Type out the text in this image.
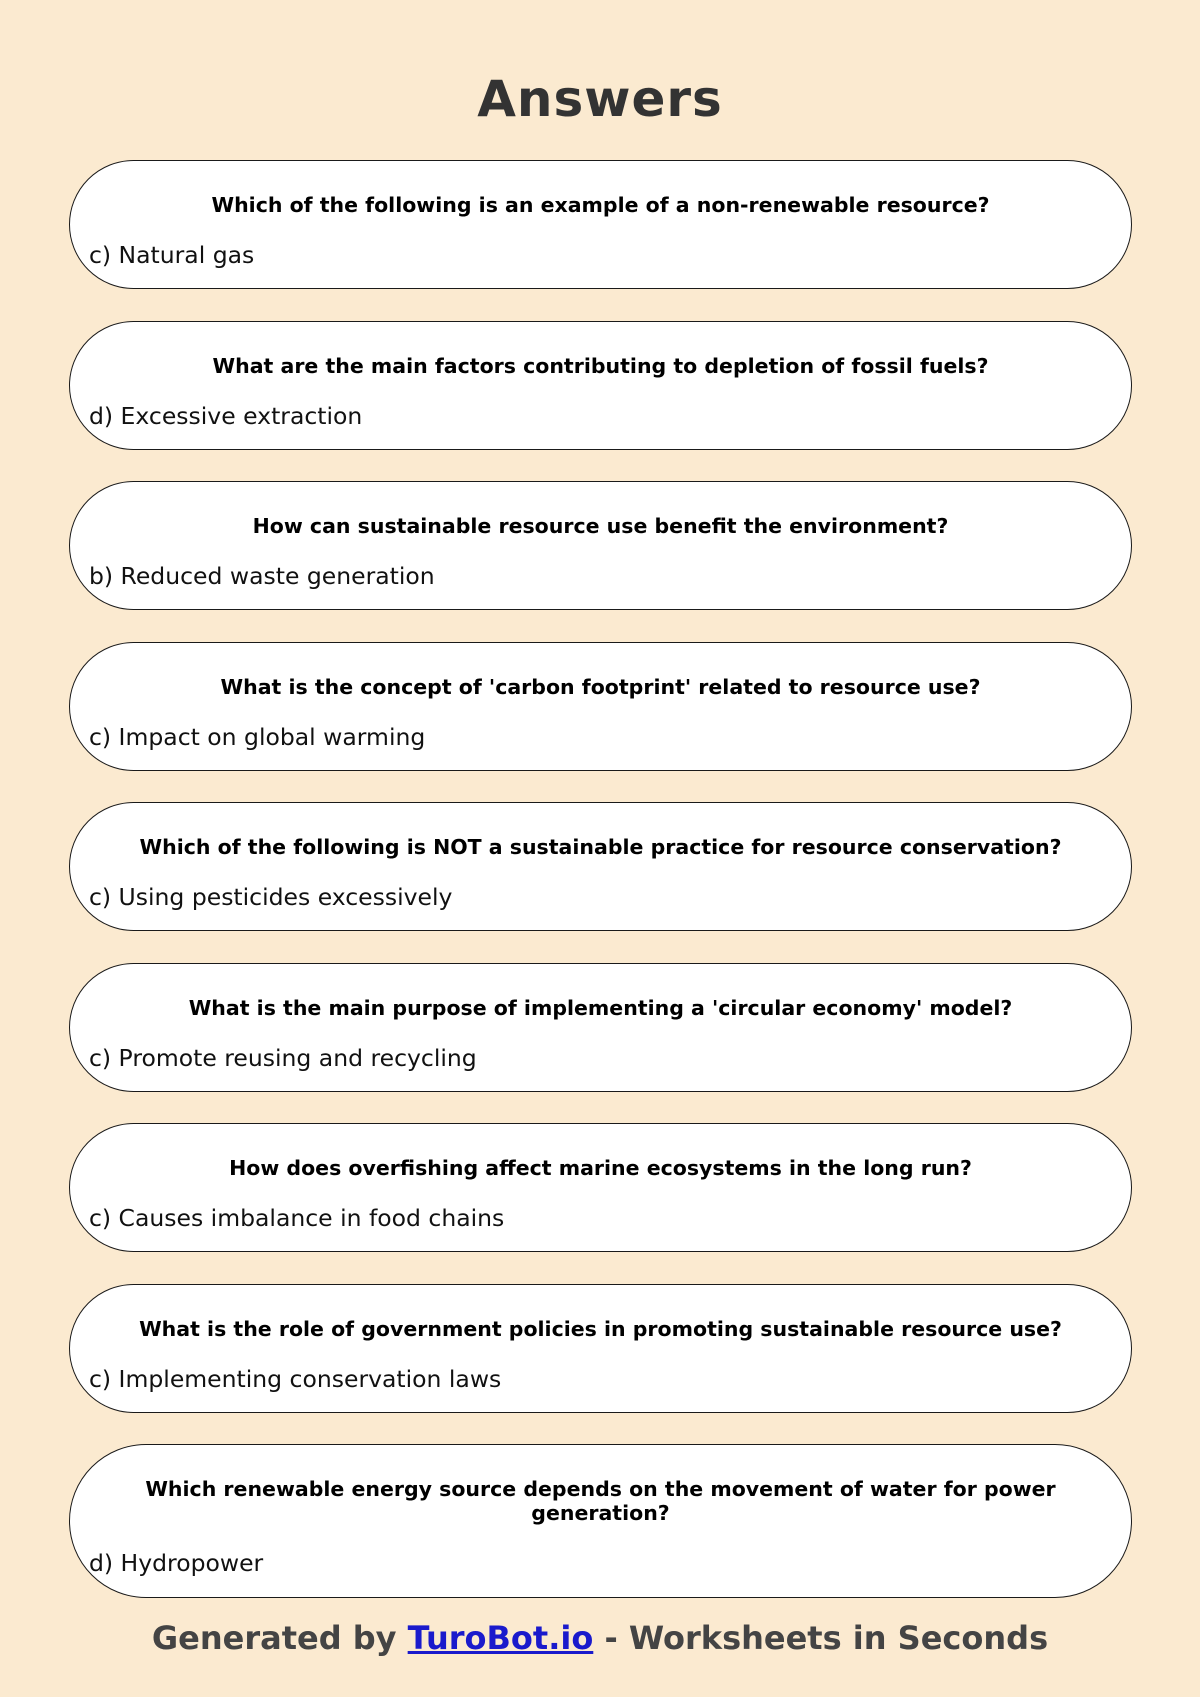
Answers
Which of the following is an example of a non-renewable resource?
c) Natural gas
What are the main factors contributing to depletion of fossil fuels?
d) Excessive extraction
How can sustainable resource use benefit the environment?
b) Reduced waste generation
What is the concept of 'carbon footprint' related to resource use?
c) Impact on global warming
Which of the following is NOT a sustainable practice for resource conservation?
c) Using pesticides excessively
What is the main purpose of implementing a 'circular economy' model?
c) Promote reusing and recycling
How does overfishing affect marine ecosystems in the long run?
c) Causes imbalance in food chains
What is the role of government policies in promoting sustainable resource use?
c) Implementing conservation laws
Which renewable energy source depends on the movement of water for power generation?
d) Hydropower
Generated by TuroBot.io - Worksheets in Seconds
